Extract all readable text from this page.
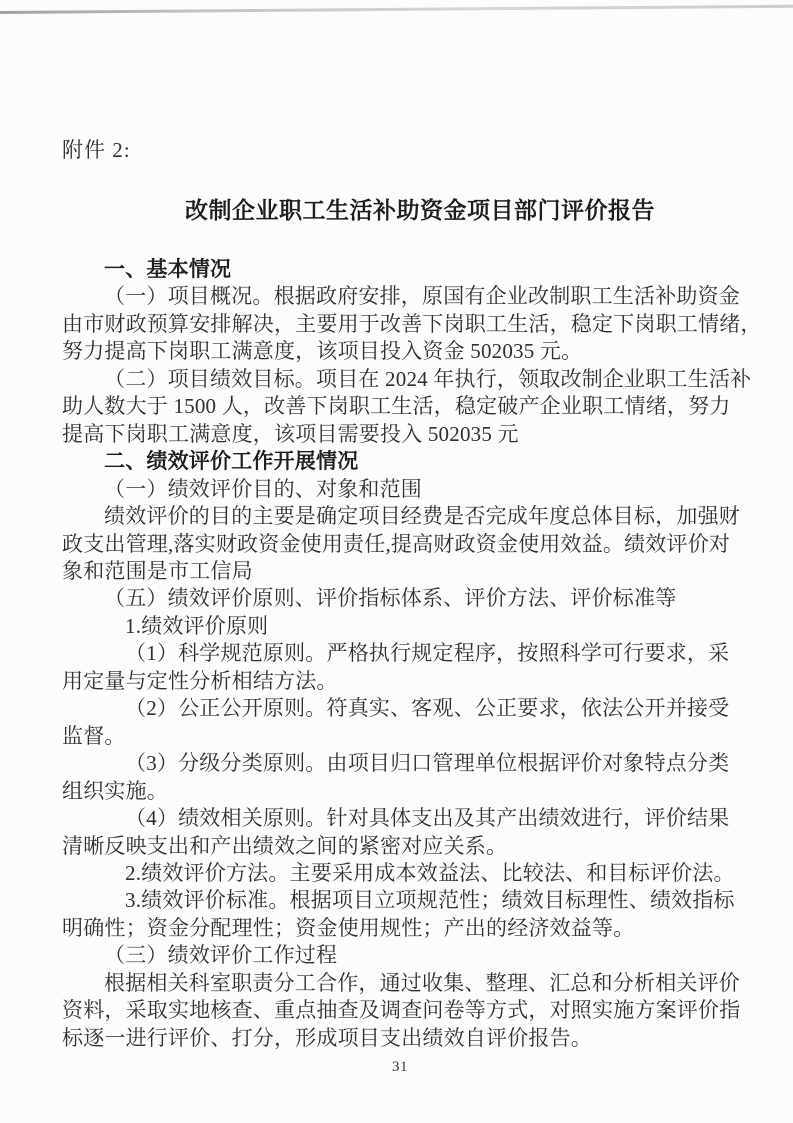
附件 2:
改制企业职工生活补助资金项目部门评价报告
一、基本情况
（一）项目概况。根据政府安排，原国有企业改制职工生活补助资金
由市财政预算安排解决，主要用于改善下岗职工生活，稳定下岗职工情绪，
努力提高下岗职工满意度，该项目投入资金 502035 元。
（二）项目绩效目标。项目在 2024 年执行，领取改制企业职工生活补
助人数大于 1500 人，改善下岗职工生活，稳定破产企业职工情绪，努力
提高下岗职工满意度，该项目需要投入 502035 元
二、绩效评价工作开展情况
（一）绩效评价目的、对象和范围
绩效评价的目的主要是确定项目经费是否完成年度总体目标，加强财
政支出管理,落实财政资金使用责任,提高财政资金使用效益。绩效评价对
象和范围是市工信局
（五）绩效评价原则、评价指标体系、评价方法、评价标准等
1.绩效评价原则
（1）科学规范原则。严格执行规定程序，按照科学可行要求，采
用定量与定性分析相结方法。
（2）公正公开原则。符真实、客观、公正要求，依法公开并接受
监督。
（3）分级分类原则。由项目归口管理单位根据评价对象特点分类
组织实施。
（4）绩效相关原则。针对具体支出及其产出绩效进行，评价结果
清晰反映支出和产出绩效之间的紧密对应关系。
2.绩效评价方法。主要采用成本效益法、比较法、和目标评价法。
3.绩效评价标准。根据项目立项规范性；绩效目标理性、绩效指标
明确性；资金分配理性；资金使用规性；产出的经济效益等。
（三）绩效评价工作过程
根据相关科室职责分工合作，通过收集、整理、汇总和分析相关评价
资料，采取实地核查、重点抽查及调查问卷等方式，对照实施方案评价指
标逐一进行评价、打分，形成项目支出绩效自评价报告。
31
